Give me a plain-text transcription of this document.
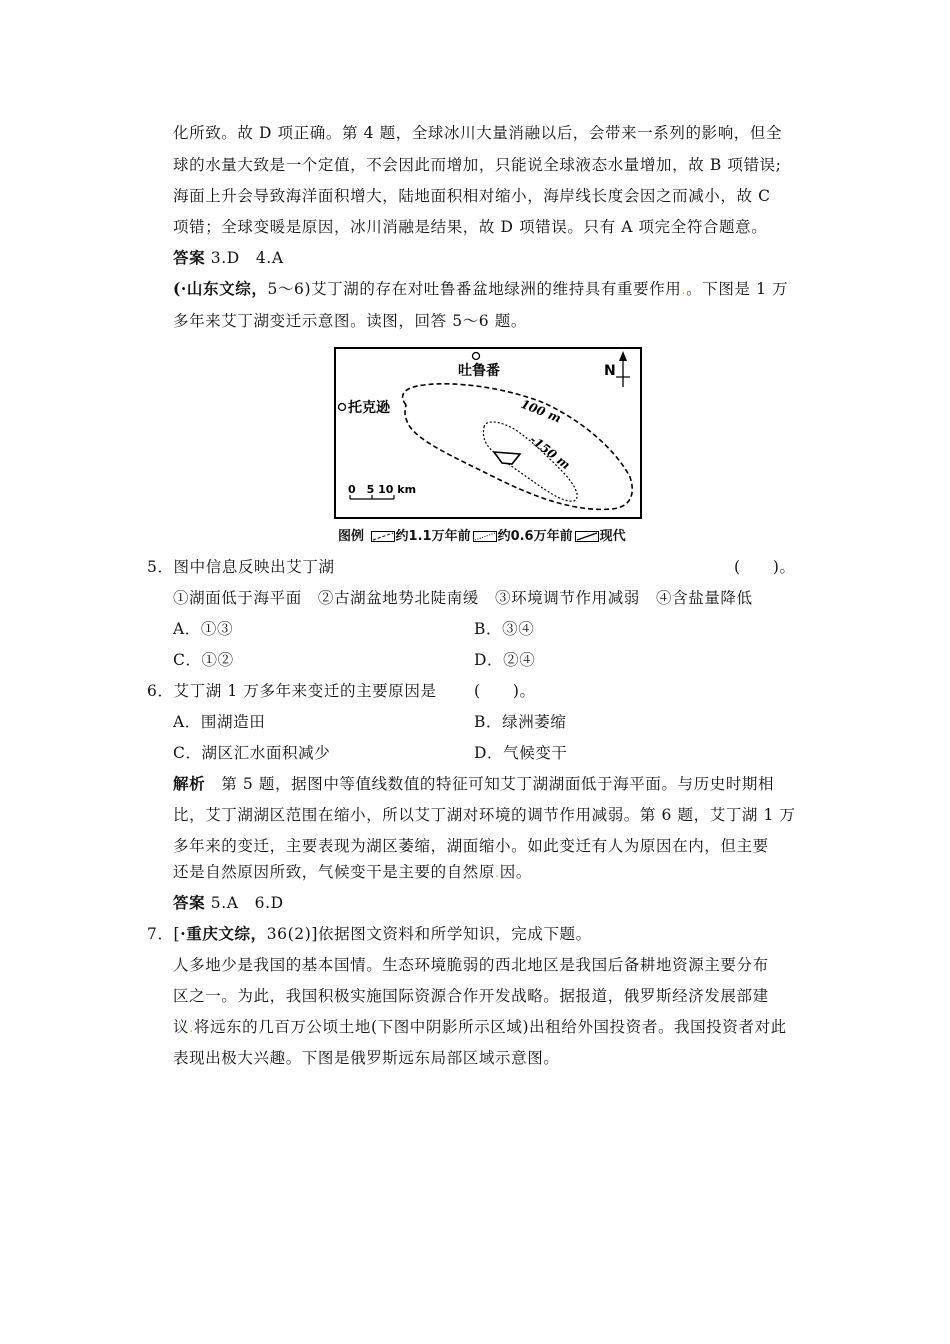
化所致。故 D 项正确。第 4 题，全球冰川大量消融以后，会带来一系列的影响，但全
球的水量大致是一个定值，不会因此而增加，只能说全球液态水量增加，故 B 项错误;
海面上升会导致海洋面积增大，陆地面积相对缩小，海岸线长度会因之而减小，故 C
项错；全球变暖是原因，冰川消融是结果，故 D 项错误。只有 A 项完全符合题意。
答案 3.D　4.A
(·山东文综，5～6)艾丁湖的存在对吐鲁番盆地绿洲的维持具有重要作用.。下图是 1 万
多年来艾丁湖变迁示意图。读图，回答 5～6 题。
吐鲁番
托克逊
N
100 m
-150 m
0　5 10 km
图例 约1.1万年前 约0.6万年前 现代
5．图中信息反映出艾丁湖	(　　)。
①湖面低于海平面　②古湖盆地势北陡南缓　③环境调节作用减弱　④含盐量降低
A．①③	B．③④
C．①②	D．②④
6．艾丁湖 1 万多年来变迁的主要原因是 (　　)。
A．围湖造田	B．绿洲萎缩
C．湖区汇水面积减少	D．气候变干
解析　第 5 题，据图中等值线数值的特征可知艾丁湖湖面低于海平面。与历史时期相
比，艾丁湖湖区范围在缩小，所以艾丁湖对环境的调节作用减弱。第 6 题，艾丁湖 1 万
多年来的变迁，主要表现为湖区萎缩，湖面缩小。如此变迁有人为原因在内，但主要
还是自然原因所致，气候变干是主要的自然原.因。
答案 5.A　6.D
7．[·重庆文综，36(2)]依据图文资料和所学知识，完成下题。
人多地少是我国的基本国情。生态环境脆弱的西北地区是我国后备耕地资源主要分布
区之一。为此，我国积极实施国际资源合作开发战略。据报道，俄罗斯经济发展部建
议.将远东的几百万公顷土地(下图中阴影所示区域)出租给外国投资者。我国投资者对此
表现出极大兴趣。下图是俄罗斯远东局部区域示意图。
